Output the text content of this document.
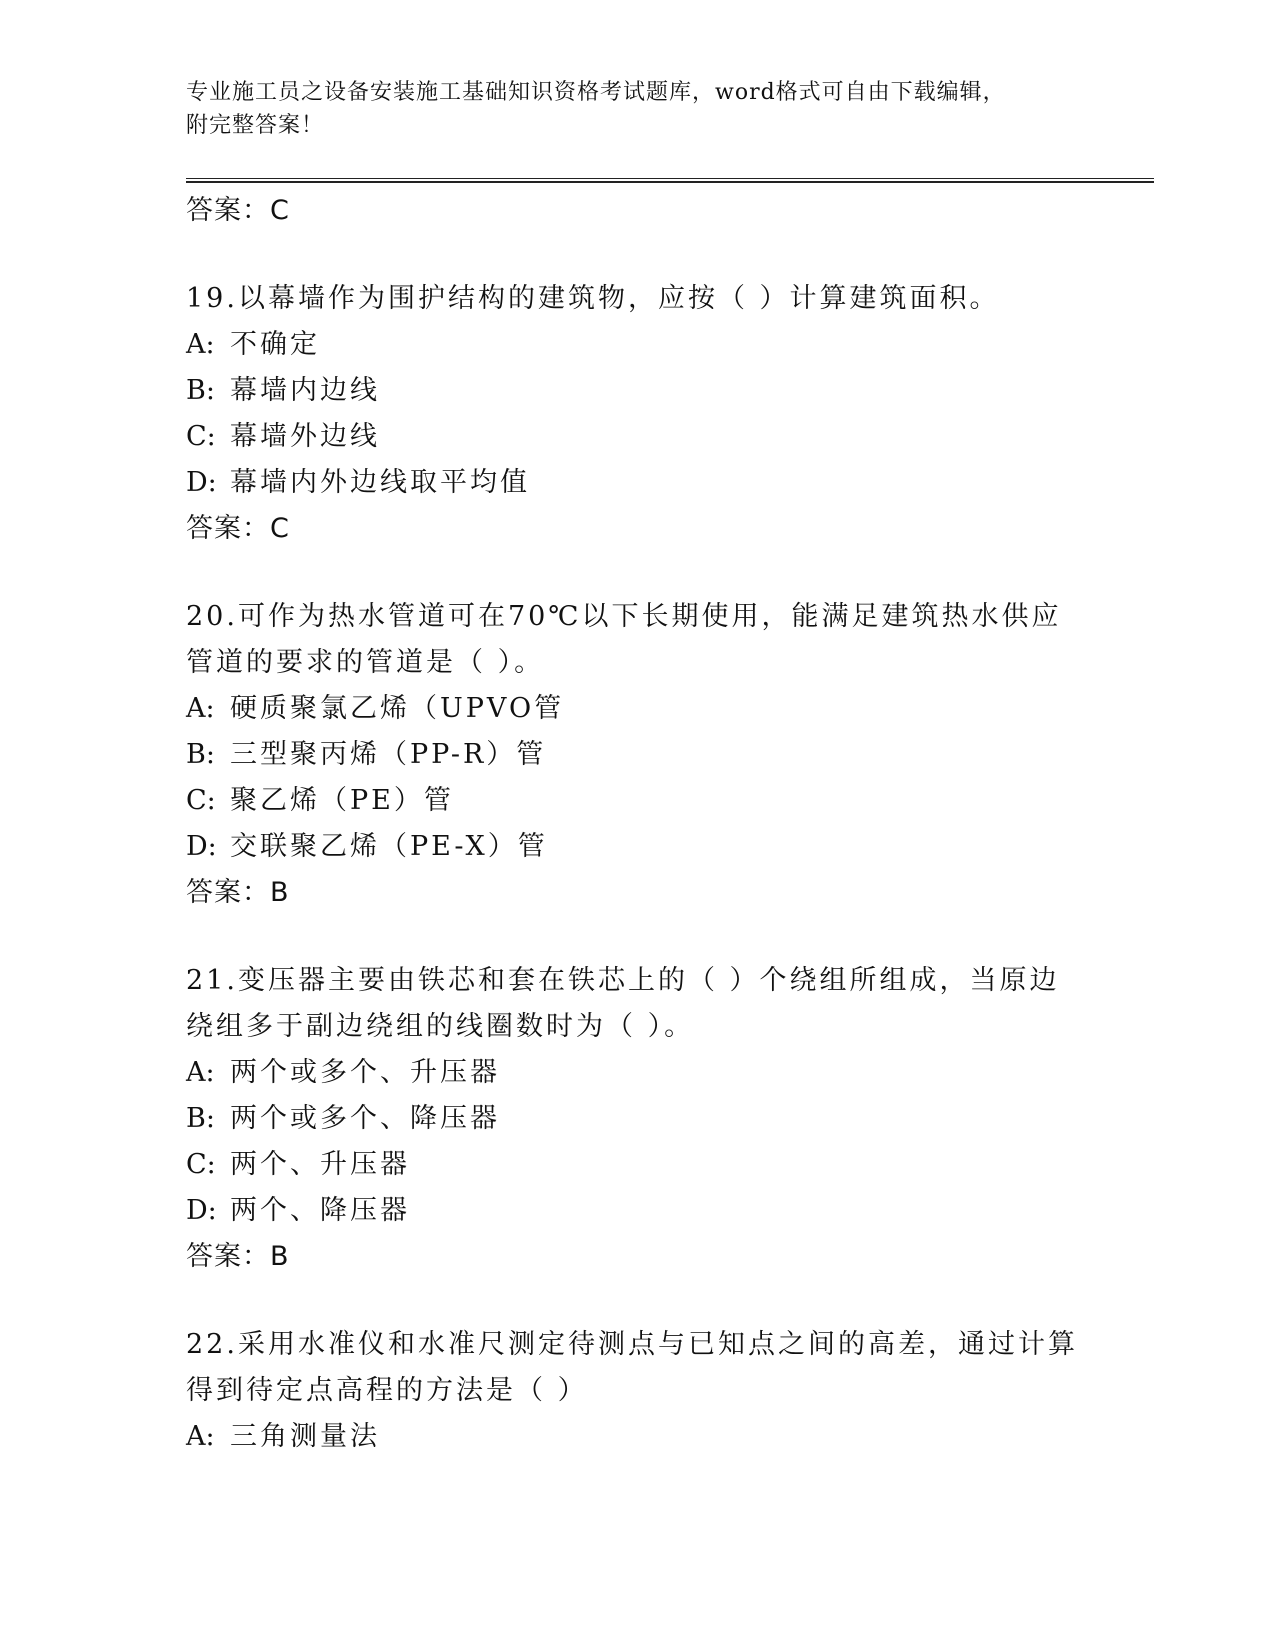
专业施工员之设备安装施工基础知识资格考试题库，word格式可自由下载编辑，
附完整答案！
答案：C
19.以幕墙作为围护结构的建筑物，应按（ ）计算建筑面积。
A: 不确定
B: 幕墙内边线
C: 幕墙外边线
D: 幕墙内外边线取平均值
答案：C
20.可作为热水管道可在70℃以下长期使用，能满足建筑热水供应管道的要求的管道是（ ）。
A: 硬质聚氯乙烯（UPVO管
B: 三型聚丙烯（PP-R）管
C: 聚乙烯（PE）管
D: 交联聚乙烯（PE-X）管
答案：B
21.变压器主要由铁芯和套在铁芯上的（ ）个绕组所组成，当原边绕组多于副边绕组的线圈数时为（ ）。
A: 两个或多个、升压器
B: 两个或多个、降压器
C: 两个、升压器
D: 两个、降压器
答案：B
22.采用水准仪和水准尺测定待测点与已知点之间的高差，通过计算得到待定点高程的方法是（ ）
A: 三角测量法
